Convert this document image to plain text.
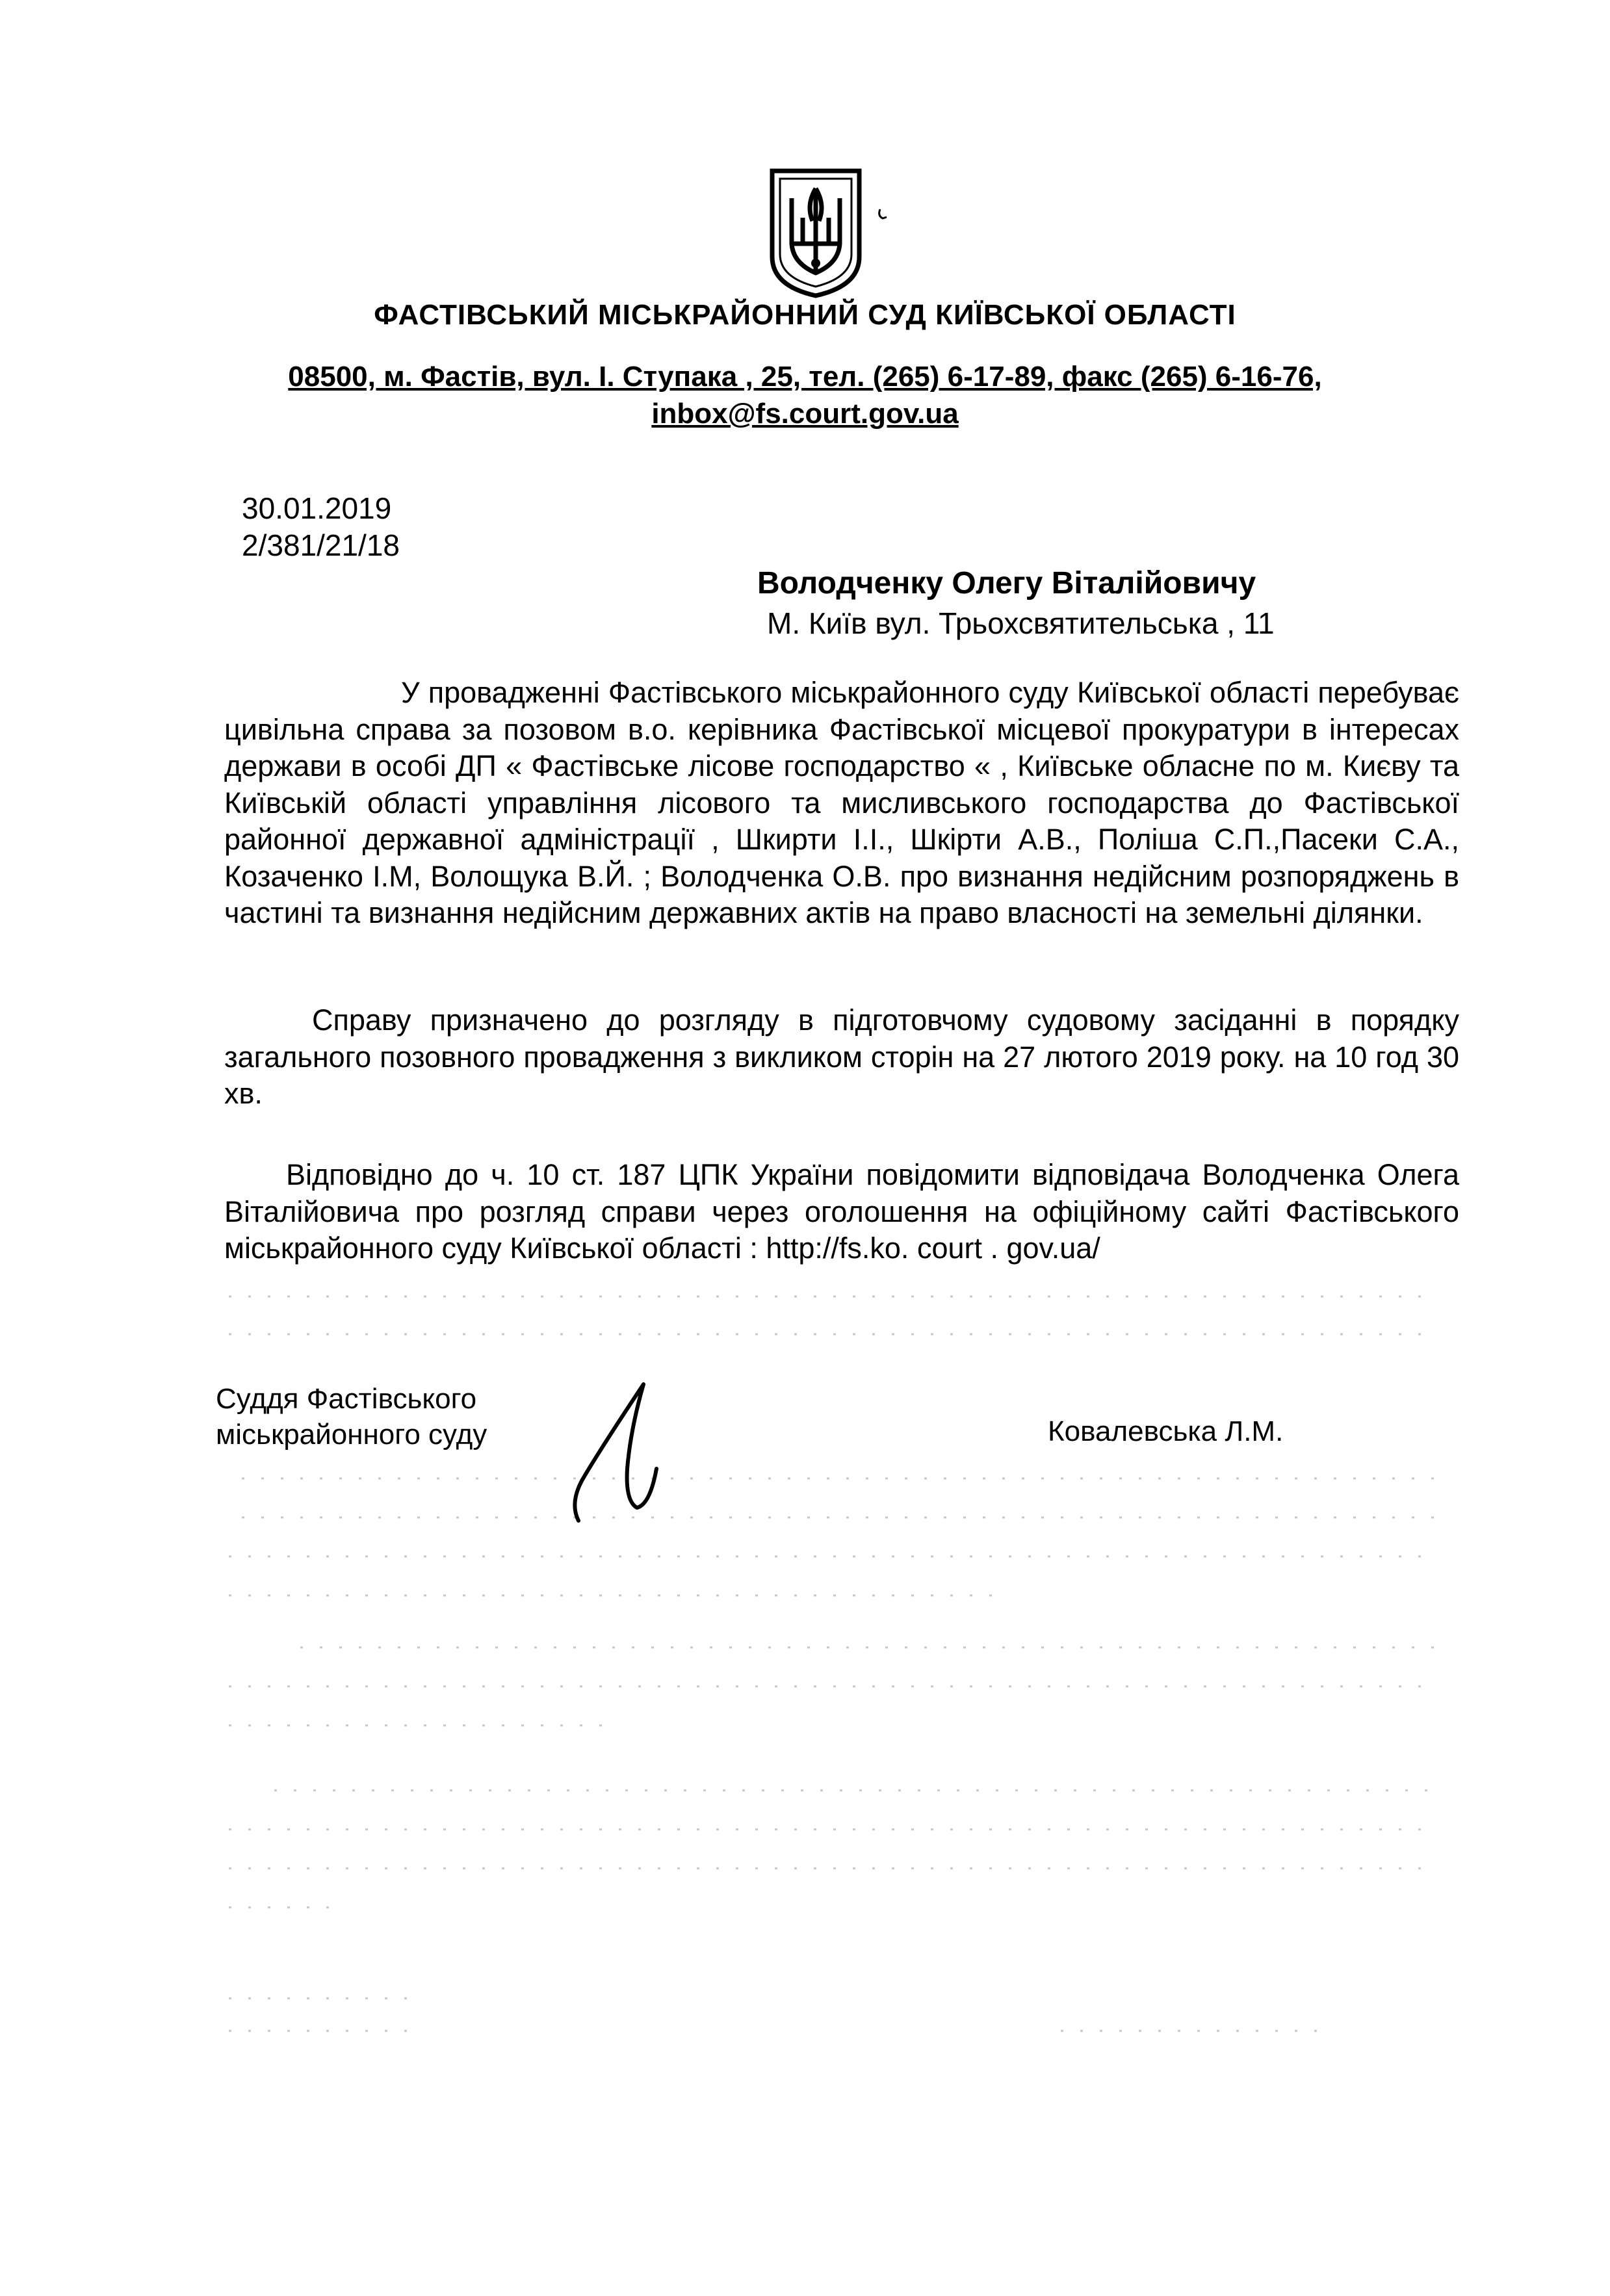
ФАСТІВСЬКИЙ МІСЬКРАЙОННИЙ СУД КИЇВСЬКОЇ ОБЛАСТІ
08500, м. Фастів, вул. І. Ступака , 25, тел. (265) 6-17-89, факс (265) 6-16-76,
inbox@fs.court.gov.ua
30.01.2019
2/381/21/18
Володченку Олегу Віталійовичу
М. Київ вул. Трьохсвятительська , 11
У провадженні Фастівського міськрайонного суду Київської області перебуває цивільна справа за позовом в.о. керівника Фастівської місцевої прокуратури в інтересах держави в особі ДП « Фастівське лісове господарство « , Київське обласне по м. Києву та Київській області управління лісового та мисливського господарства до Фастівської районної державної адміністрації , Шкирти І.І., Шкірти А.В., Поліша С.П.,Пасеки С.А., Козаченко І.М, Волощука В.Й. ; Володченка О.В. про визнання недійсним розпоряджень в частині та визнання недійсним державних актів на право власності на земельні ділянки.
Справу призначено до розгляду в підготовчому судовому засіданні в порядку загального позовного провадження з викликом сторін на 27 лютого 2019 року. на 10 год 30 хв.
Відповідно до ч. 10 ст. 187 ЦПК України повідомити відповідача Володченка Олега Віталійовича про розгляд справи через оголошення на офіційному сайті Фастівського міськрайонного суду Київської області : http://fs.ko. court . gov.ua/
Суддя Фастівського
міськрайонного суду	Ковалевська Л.М.
